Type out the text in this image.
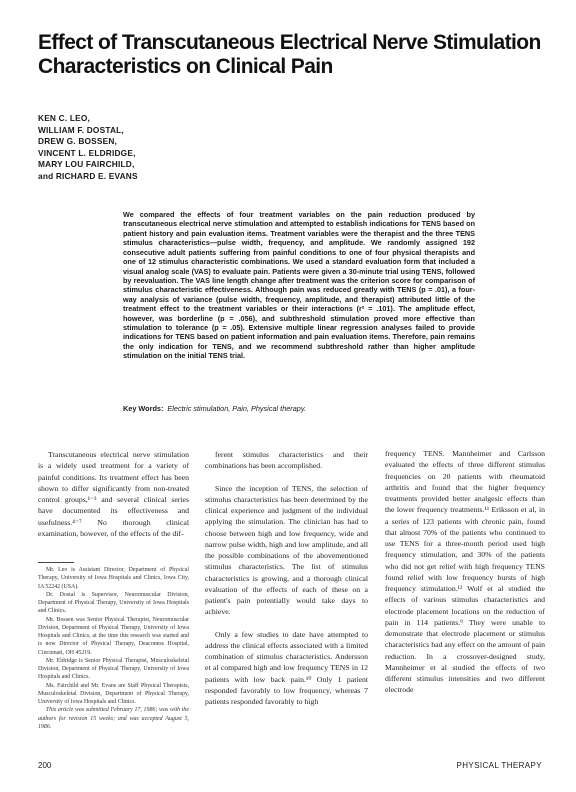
Effect of Transcutaneous Electrical Nerve Stimulation Characteristics on Clinical Pain
KEN C. LEO,
WILLIAM F. DOSTAL,
DREW G. BOSSEN,
VINCENT L. ELDRIDGE,
MARY LOU FAIRCHILD,
and RICHARD E. EVANS

We compared the effects of four treatment variables on the pain reduction produced by transcutaneous electrical nerve stimulation and attempted to establish indications for TENS based on patient history and pain evaluation items. Treatment variables were the therapist and the three TENS stimulus characteristics—pulse width, frequency, and amplitude. We randomly assigned 192 consecutive adult patients suffering from painful conditions to one of four physical therapists and one of 12 stimulus characteristic combinations. We used a standard evaluation form that included a visual analog scale (VAS) to evaluate pain. Patients were given a 30-minute trial using TENS, followed by reevaluation. The VAS line length change after treatment was the criterion score for comparison of stimulus characteristic effectiveness. Although pain was reduced greatly with TENS (p = .01), a four-way analysis of variance (pulse width, frequency, amplitude, and therapist) attributed little of the treatment effect to the treatment variables or their interactions (r² = .101). The amplitude effect, however, was borderline (p = .056), and subthreshold stimulation proved more effective than stimulation to tolerance (p = .05). Extensive multiple linear regression analyses failed to provide indications for TENS based on patient information and pain evaluation items. Therefore, pain remains the only indication for TENS, and we recommend subthreshold rather than higher amplitude stimulation on the initial TENS trial.

Key Words: Electric stimulation, Pain, Physical therapy.

Transcutaneous electrical nerve stimulation is a widely used treatment for a variety of painful conditions. Its treatment effect has been shown to differ significantly from non-treated control groups,¹⁻³ and several clinical series have documented its effectiveness and usefulness.⁴⁻⁷ No thorough clinical examination, however, of the effects of the dif-

Mr. Leo is Assistant Director, Department of Physical Therapy, University of Iowa Hospitals and Clinics, Iowa City, IA 52242 (USA).

Dr. Dostal is Supervisor, Neuromuscular Division, Department of Physical Therapy, University of Iowa Hospitals and Clinics.

Mr. Bossen was Senior Physical Therapist, Neuromuscular Division, Department of Physical Therapy, University of Iowa Hospitals and Clinics, at the time this research was started and is now Director of Physical Therapy, Deaconess Hospital, Cincinnati, OH 45219.

Mr. Eldridge is Senior Physical Therapist, Musculoskeletal Division, Department of Physical Therapy, University of Iowa Hospitals and Clinics.

Ms. Fairchild and Mr. Evans are Staff Physical Therapists, Musculoskeletal Division, Department of Physical Therapy, University of Iowa Hospitals and Clinics.

This article was submitted February 17, 1986; was with the authors for revision 15 weeks; and was accepted August 5, 1986.

ferent stimulus characteristics and their combinations has been accomplished.

Since the inception of TENS, the selection of stimulus characteristics has been determined by the clinical experience and judgment of the individual applying the stimulation. The clinician has had to choose between high and low frequency, wide and narrow pulse width, high and low amplitude, and all the possible combinations of the abovementioned stimulus characteristics. The list of stimulus characteristics is growing, and a thorough clinical evaluation of the effects of each of these on a patient's pain potentially would take days to achieve.

Only a few studies to date have attempted to address the clinical effects associated with a limited combination of stimulus characteristics. Andersson et al compared high and low frequency TENS in 12 patients with low back pain.¹⁰ Only 1 patient responded favorably to low frequency, whereas 7 patients responded favorably to high

frequency TENS. Mannheimer and Carlsson evaluated the effects of three different stimulus frequencies on 20 patients with rheumatoid arthritis and found that the higher frequency treatments provided better analgesic effects than the lower frequency treatments.¹¹ Eriksson et al, in a series of 123 patients with chronic pain, found that almost 70% of the patients who continued to use TENS for a three-month period used high frequency stimulation, and 30% of the patients who did not get relief with high frequency TENS found relief with low frequency bursts of high frequency stimulation.¹² Wolf et al studied the effects of various stimulus characteristics and electrode placement locations on the reduction of pain in 114 patients.⁹ They were unable to demonstrate that electrode placement or stimulus characteristics had any effect on the amount of pain reduction. In a crossover-designed study, Mannheimer et al studied the effects of two different stimulus intensities and two different electrode

200	PHYSICAL THERAPY
